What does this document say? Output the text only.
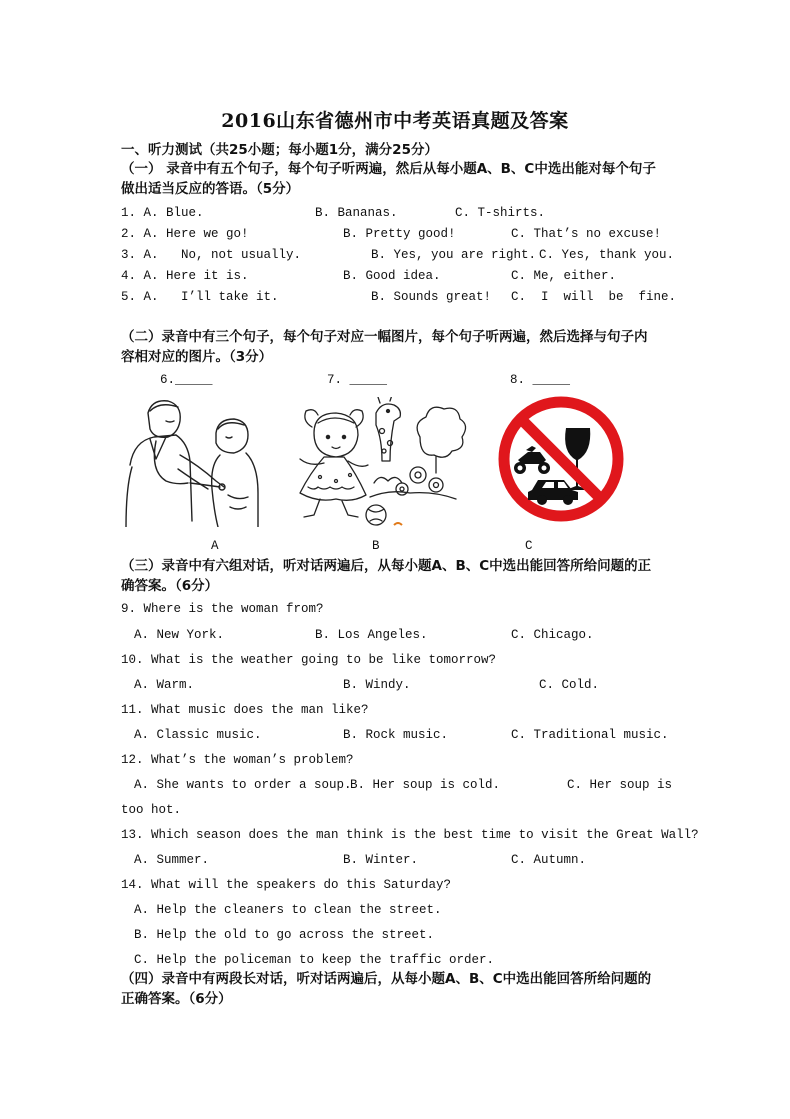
2016山东省德州市中考英语真题及答案
一、听力测试（共25小题；每小题1分，满分25分）
（一） 录音中有五个句子，每个句子听两遍，然后从每小题A、B、C中选出能对每个句子
做出适当反应的答语。（5分）
1. A. Blue.	B. Bananas.	C. T-shirts.
2. A. Here we go!	B. Pretty good!	C. That’s no excuse!
3. A.   No, not usually.	B. Yes, you are right. C. Yes, thank you.
4. A. Here it is.	B. Good idea.	C. Me, either.
5. A.   I’ll take it.	B. Sounds great! C.  I  will  be  fine.
（二）录音中有三个句子，每个句子对应一幅图片，每个句子听两遍，然后选择与句子内
容相对应的图片。（3分）
6._____	7. _____	8. _____
A	B	C
（三）录音中有六组对话，听对话两遍后，从每小题A、B、C中选出能回答所给问题的正
确答案。（6分）
9. Where is the woman from?
A. New York.	B. Los Angeles.	C. Chicago.
10. What is the weather going to be like tomorrow?
A. Warm.	B. Windy.	C. Cold.
11. What music does the man like?
A. Classic music.	B. Rock music.	C. Traditional music.
12. What’s the woman’s problem?
A. She wants to order a soup.
B. Her soup is cold.	C. Her soup is
too hot.
13. Which season does the man think is the best time to visit the Great Wall?
A. Summer.	B. Winter.	C. Autumn.
14. What will the speakers do this Saturday?
A. Help the cleaners to clean the street.
B. Help the old to go across the street.
C. Help the policeman to keep the traffic order.
（四）录音中有两段长对话，听对话两遍后，从每小题A、B、C中选出能回答所给问题的
正确答案。（6分）
